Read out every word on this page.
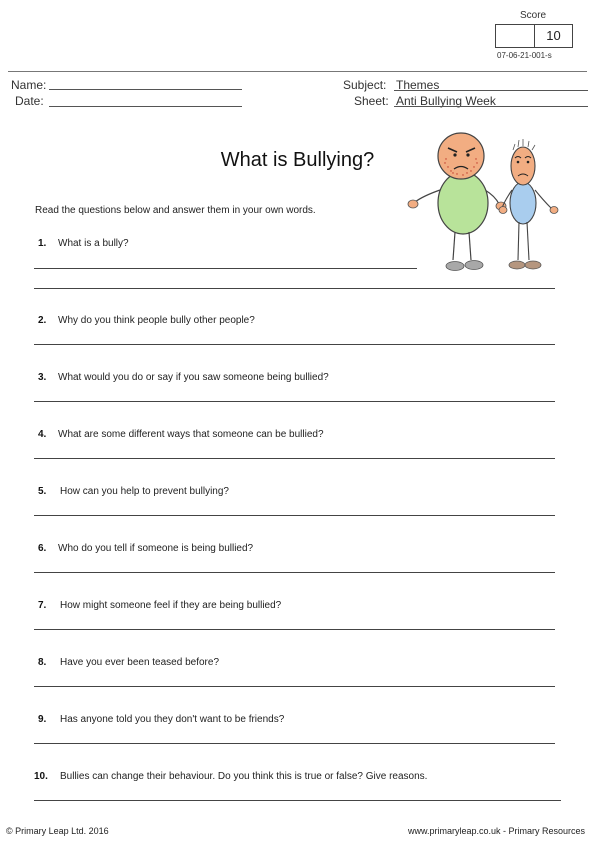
Score
10
07-06-21-001-s
Name:
Date:
Subject: Themes
Sheet: Anti Bullying Week
What is Bullying?
Read the questions below and answer them in your own words.
1. What is a bully?
2. Why do you think people bully other people?
3. What would you do or say if you saw someone being bullied?
4. What are some different ways that someone can be bullied?
5. How can you help to prevent bullying?
6. Who do you tell if someone is being bullied?
7. How might someone feel if they are being bullied?
8. Have you ever been teased before?
9. Has anyone told you they don't want to be friends?
10. Bullies can change their behaviour. Do you think this is true or false? Give reasons.
© Primary Leap Ltd. 2016	www.primaryleap.co.uk - Primary Resources
